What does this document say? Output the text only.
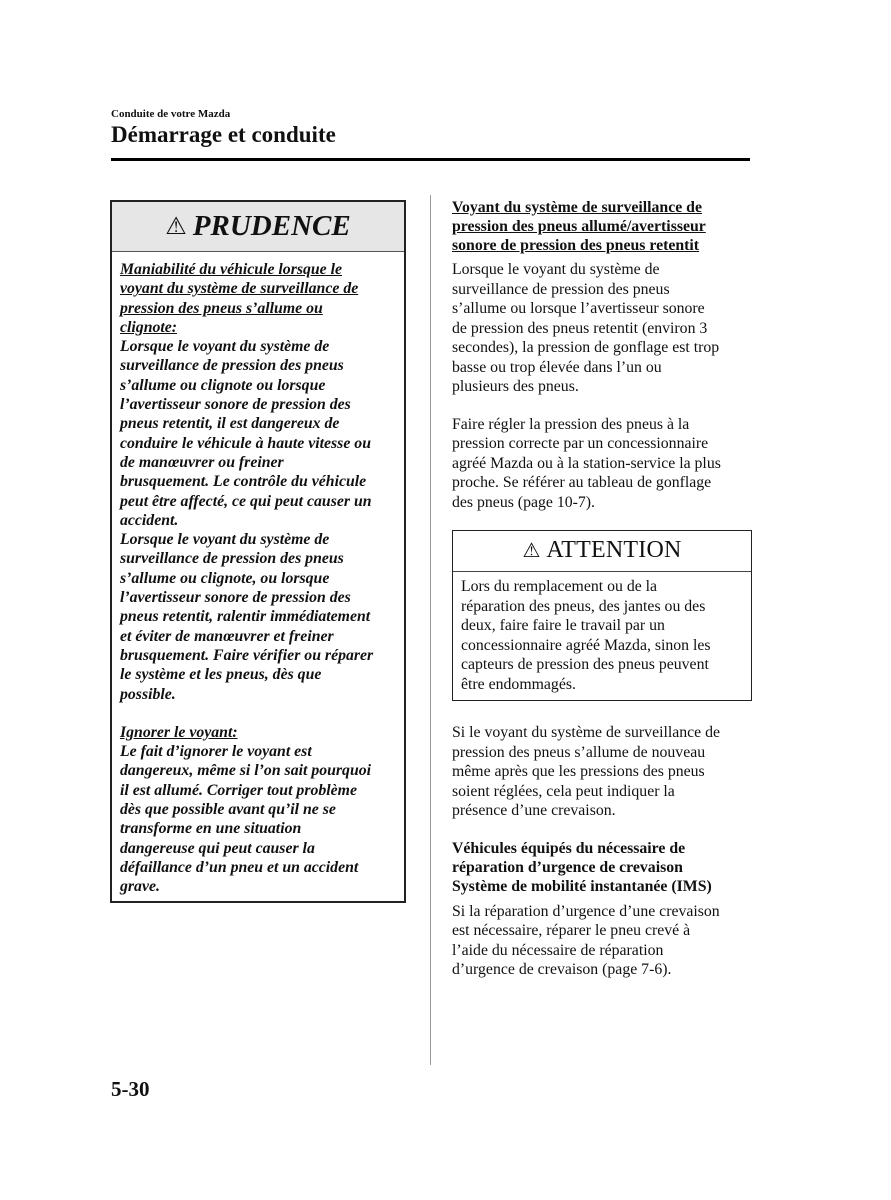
Conduite de votre Mazda
Démarrage et conduite
⚠ PRUDENCE

Maniabilité du véhicule lorsque le

voyant du système de surveillance de

pression des pneus s’allume ou

clignote:

Lorsque le voyant du système de

surveillance de pression des pneus

s’allume ou clignote ou lorsque

l’avertisseur sonore de pression des

pneus retentit, il est dangereux de

conduire le véhicule à haute vitesse ou

de manœuvrer ou freiner

brusquement. Le contrôle du véhicule

peut être affecté, ce qui peut causer un

accident.

Lorsque le voyant du système de

surveillance de pression des pneus

s’allume ou clignote, ou lorsque

l’avertisseur sonore de pression des

pneus retentit, ralentir immédiatement

et éviter de manœuvrer et freiner

brusquement. Faire vérifier ou réparer

le système et les pneus, dès que

possible.

Ignorer le voyant:

Le fait d’ignorer le voyant est

dangereux, même si l’on sait pourquoi

il est allumé. Corriger tout problème

dès que possible avant qu’il ne se

transforme en une situation

dangereuse qui peut causer la

défaillance d’un pneu et un accident

grave.

Voyant du système de surveillance de

pression des pneus allumé/avertisseur

sonore de pression des pneus retentit

Lorsque le voyant du système de

surveillance de pression des pneus

s’allume ou lorsque l’avertisseur sonore

de pression des pneus retentit (environ 3

secondes), la pression de gonflage est trop

basse ou trop élevée dans l’un ou

plusieurs des pneus.

Faire régler la pression des pneus à la

pression correcte par un concessionnaire

agréé Mazda ou à la station-service la plus

proche. Se référer au tableau de gonflage

des pneus (page 10-7).

⚠ ATTENTION

Lors du remplacement ou de la

réparation des pneus, des jantes ou des

deux, faire faire le travail par un

concessionnaire agréé Mazda, sinon les

capteurs de pression des pneus peuvent

être endommagés.

Si le voyant du système de surveillance de

pression des pneus s’allume de nouveau

même après que les pressions des pneus

soient réglées, cela peut indiquer la

présence d’une crevaison.

Véhicules équipés du nécessaire de

réparation d’urgence de crevaison

Système de mobilité instantanée (IMS)

Si la réparation d’urgence d’une crevaison

est nécessaire, réparer le pneu crevé à

l’aide du nécessaire de réparation

d’urgence de crevaison (page 7-6).

5-30
